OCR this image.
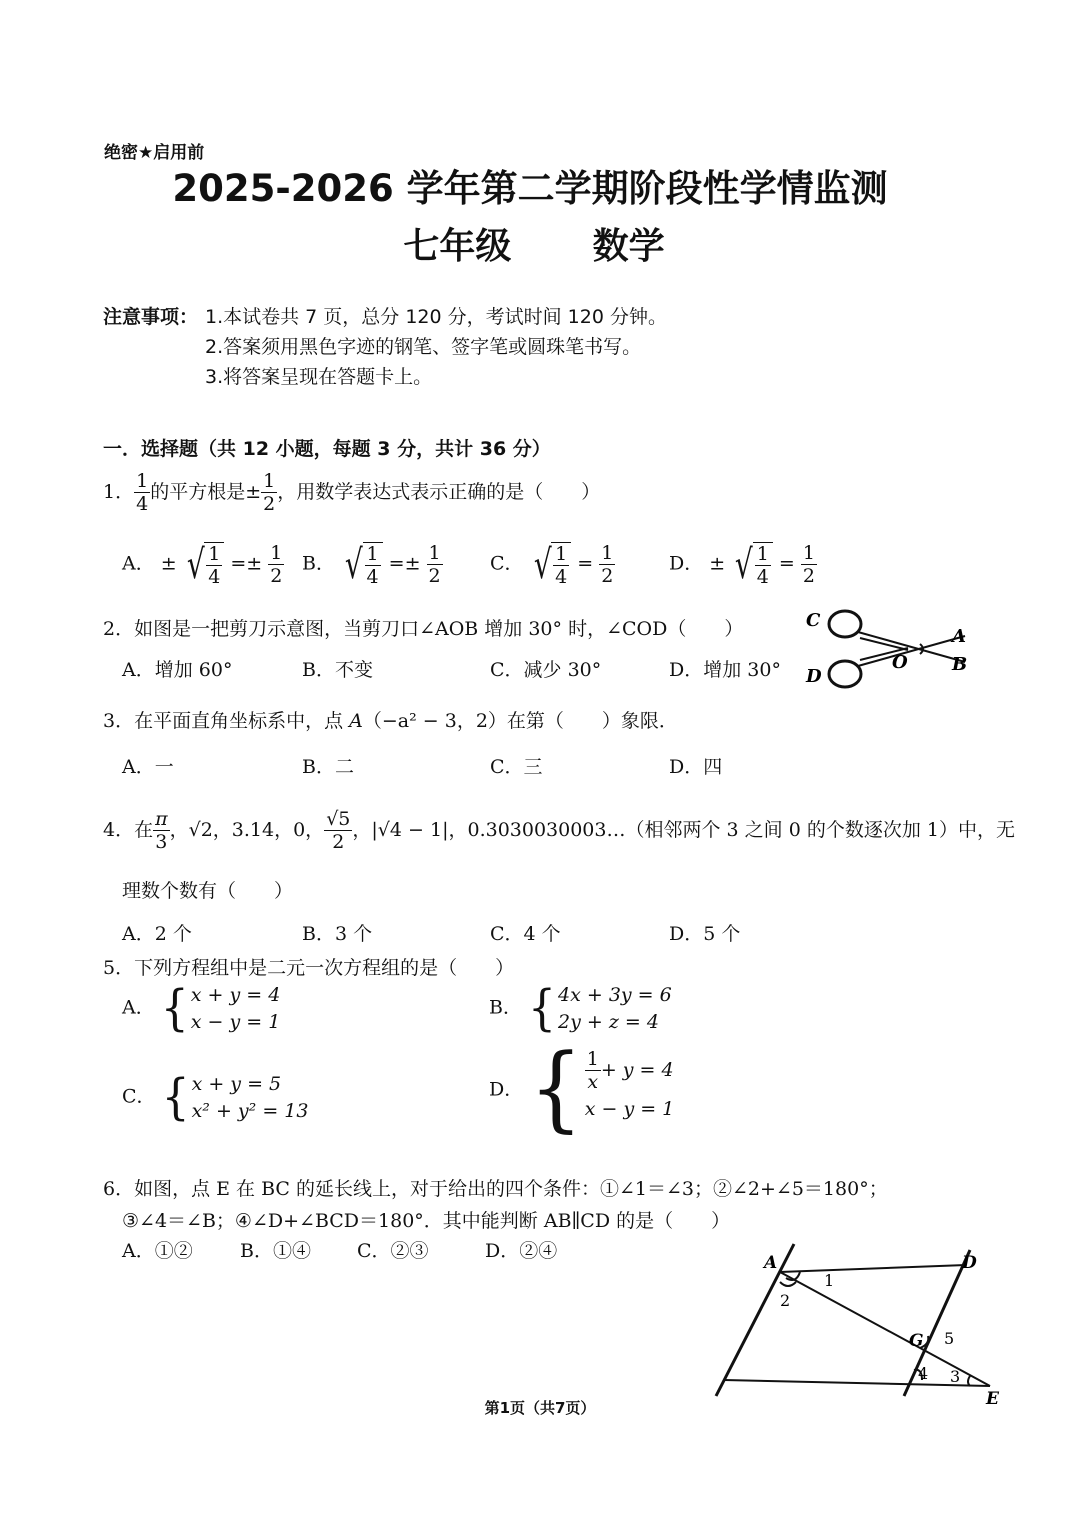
绝密★启用前
2025-2026 学年第二学期阶段性学情监测
七年级      数学
注意事项： 1.本试卷共 7 页，总分 120 分，考试时间 120 分钟。
2.答案须用黑色字迹的钢笔、签字笔或圆珠笔书写。
3.将答案呈现在答题卡上。
一．选择题（共 12 小题，每题 3 分，共计 36 分）
1． $\frac{1}{4}$ 的平方根是± $\frac{1}{2}$ ，用数学表达式表示正确的是（　　）
A． ± √ $\frac{1}{4} =\pm \frac{1}{2}$ B． √ $\frac{1}{4} =\pm \frac{1}{2}$ C． √ $\frac{1}{4} = \frac{1}{2}$	D． ± √ $\frac{1}{4} = \frac{1}{2}$
2．如图是一把剪刀示意图，当剪刀口∠AOB 增加 30° 时，∠COD（　　）
A．增加 60°	B．不变	C．减少 30°	D．增加 30°
C
A
O B
D
3．在平面直角坐标系中，点 A（−a² − 3，2）在第（　　）象限．
A．一	B．二	C．三	D．四
4．在 $\frac{\pi}{3}$ ，√2，3.14，0， $\frac{√5}{2}$ ，|√4 − 1|，0.3030030003…（相邻两个 3 之间 0 的个数逐次加 1）中，无
理数个数有（　　）
A．2 个	B．3 个	C．4 个	D．5 个
5．下列方程组中是二元一次方程组的是（　　）
A． { x + y = 4
x − y = 1
B． { 4x + 3y = 6
2y + z = 4
C． { x + y = 5
x² + y² = 13
D． { $\frac{1}{x} + y = 4$
x − y = 1
6．如图，点 E 在 BC 的延长线上，对于给出的四个条件：①∠1＝∠3；②∠2+∠5＝180°；
③∠4＝∠B；④∠D+∠BCD＝180°．其中能判断 AB∥CD 的是（　　）
A．①② B．①④ C．②③	D．②④
A	D
1
2
G 5
4 3
E
第1页（共7页）
